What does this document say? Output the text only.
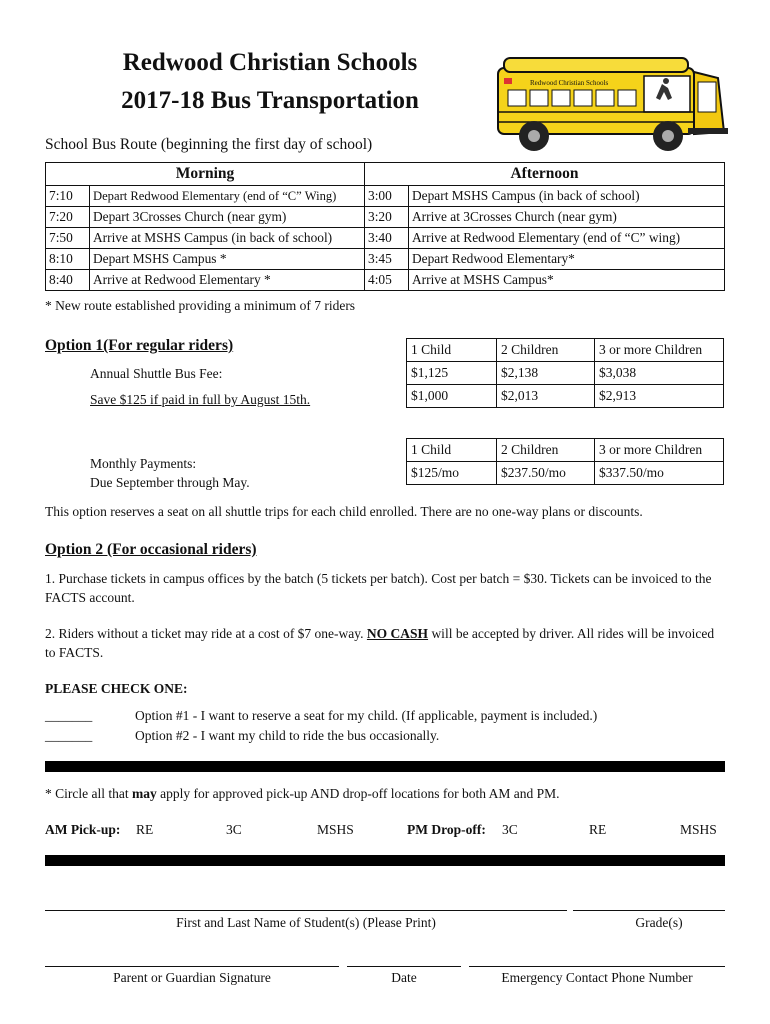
Redwood Christian Schools
2017-18 Bus Transportation
Redwood Christian Schools
School Bus Route (beginning the first day of school)
Morning		Afternoon	
7:10	Depart Redwood Elementary (end of “C” Wing)	3:00	Depart MSHS Campus (in back of school)
7:20	Depart 3Crosses Church (near gym)	3:20	Arrive at 3Crosses Church (near gym)
7:50	Arrive at MSHS Campus (in back of school)	3:40	Arrive at Redwood Elementary (end of “C” wing)
8:10	Depart MSHS Campus *	3:45	Depart Redwood Elementary*
8:40	Arrive at Redwood Elementary *	4:05	Arrive at MSHS Campus*
* New route established providing a minimum of 7 riders
Option 1(For regular riders)
Annual Shuttle Bus Fee:
Save $125 if paid in full by August 15th.
1 Child	2 Children	3 or more Children
$1,125	$2,138	$3,038
$1,000	$2,013	$2,913
Monthly Payments:
Due September through May.
1 Child	2 Children	3 or more Children
$125/mo	$237.50/mo	$337.50/mo
This option reserves a seat on all shuttle trips for each child enrolled. There are no one-way plans or discounts.
Option 2 (For occasional riders)
1. Purchase tickets in campus offices by the batch (5 tickets per batch). Cost per batch = $30. Tickets can be invoiced to the FACTS account.
2. Riders without a ticket may ride at a cost of $7 one-way. NO CASH will be accepted by driver. All rides will be invoiced to FACTS.
PLEASE CHECK ONE:
_______	Option #1 - I want to reserve a seat for my child. (If applicable, payment is included.)
_______	Option #2 - I want my child to ride the bus occasionally.
* Circle all that may apply for approved pick-up AND drop-off locations for both AM and PM.
AM Pick-up: RE	3C	MSHS	PM Drop-off: 3C	RE	MSHS
First and Last Name of Student(s) (Please Print)	Grade(s)
Parent or Guardian Signature	Date	Emergency Contact Phone Number
